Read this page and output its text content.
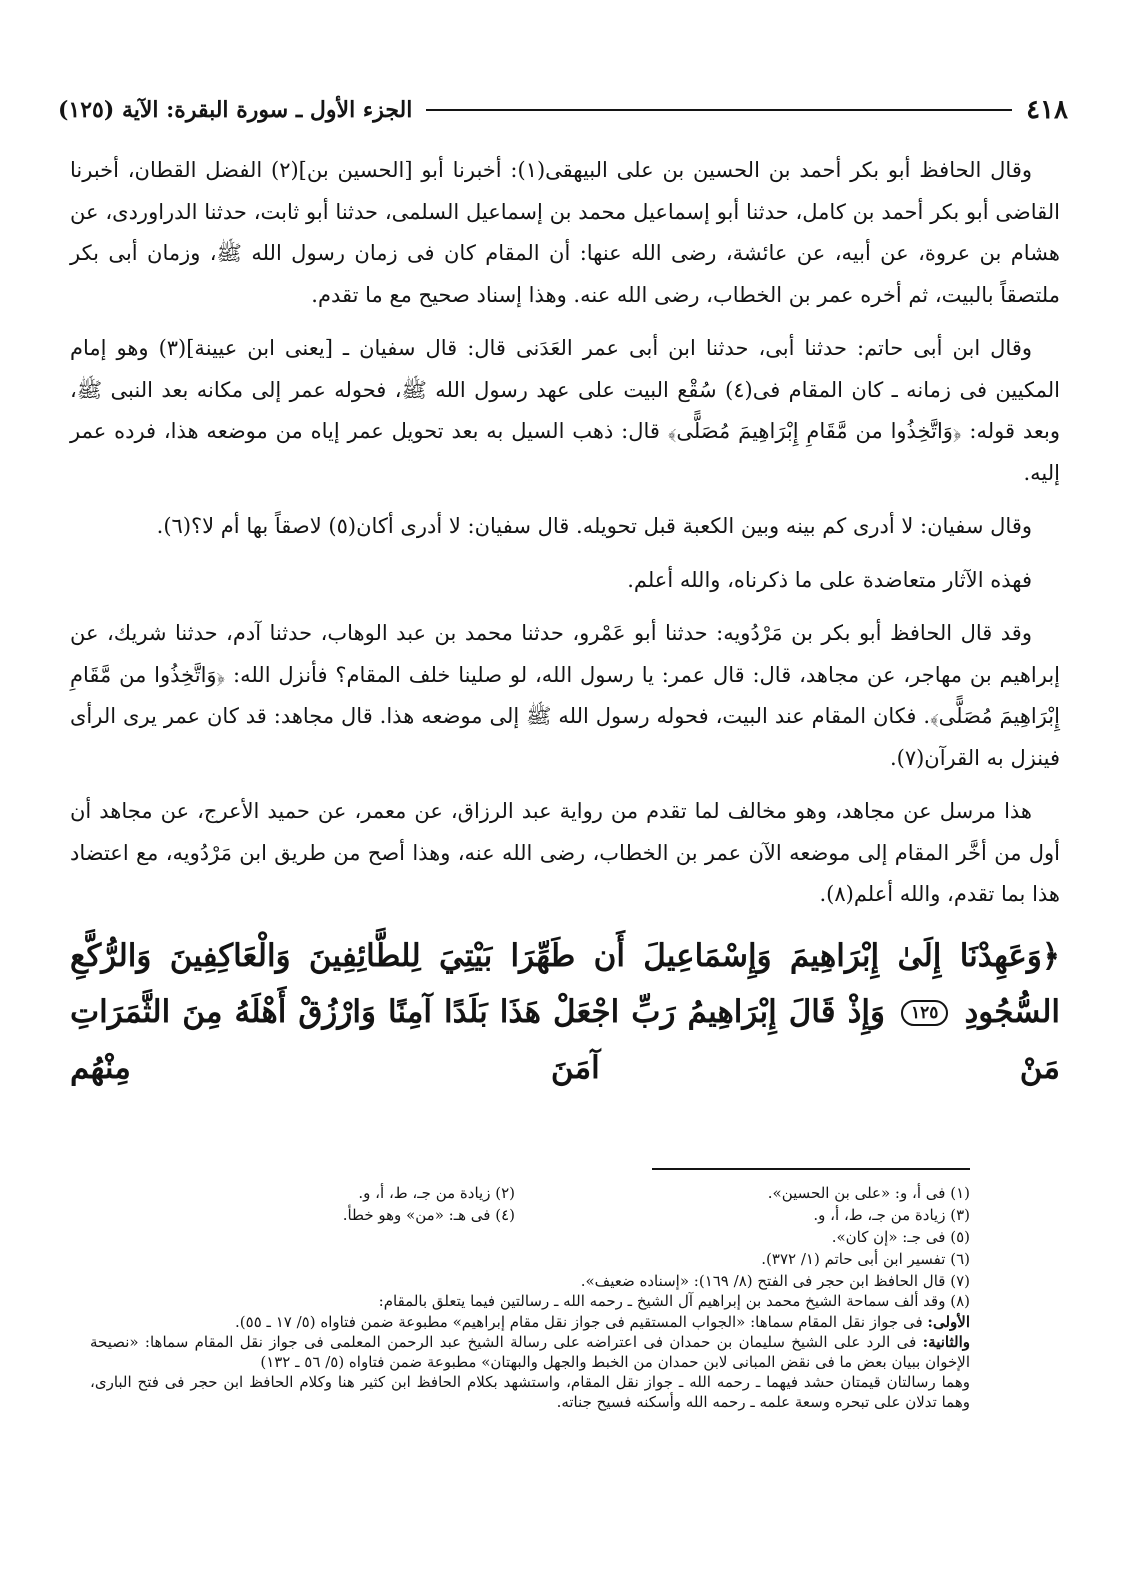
٤١٨
الجزء الأول ـ سورة البقرة: الآية (١٢٥)

وقال الحافظ أبو بكر أحمد بن الحسين بن على البيهقى(١): أخبرنا أبو [الحسين بن](٢) الفضل القطان، أخبرنا القاضى أبو بكر أحمد بن كامل، حدثنا أبو إسماعيل محمد بن إسماعيل السلمى، حدثنا أبو ثابت، حدثنا الدراوردى، عن هشام بن عروة، عن أبيه، عن عائشة، رضى الله عنها: أن المقام كان فى زمان رسول الله ﷺ، وزمان أبى بكر ملتصقاً بالبيت، ثم أخره عمر بن الخطاب، رضى الله عنه. وهذا إسناد صحيح مع ما تقدم.

وقال ابن أبى حاتم: حدثنا أبى، حدثنا ابن أبى عمر العَدَنى قال: قال سفيان ـ [يعنى ابن عيينة](٣) وهو إمام المكيين فى زمانه ـ كان المقام فى(٤) سُقْع البيت على عهد رسول الله ﷺ، فحوله عمر إلى مكانه بعد النبى ﷺ، وبعد قوله: ﴿وَاتَّخِذُوا من مَّقَامِ إِبْرَاهِيمَ مُصَلًّى﴾ قال: ذهب السيل به بعد تحويل عمر إياه من موضعه هذا، فرده عمر إليه.

وقال سفيان: لا أدرى كم بينه وبين الكعبة قبل تحويله. قال سفيان: لا أدرى أكان(٥) لاصقاً بها أم لا؟(٦).

فهذه الآثار متعاضدة على ما ذكرناه، والله أعلم.

وقد قال الحافظ أبو بكر بن مَرْدُويه: حدثنا أبو عَمْرو، حدثنا محمد بن عبد الوهاب، حدثنا آدم، حدثنا شريك، عن إبراهيم بن مهاجر، عن مجاهد، قال: قال عمر: يا رسول الله، لو صلينا خلف المقام؟ فأنزل الله: ﴿وَاتَّخِذُوا من مَّقَامِ إِبْرَاهِيمَ مُصَلًّى﴾. فكان المقام عند البيت، فحوله رسول الله ﷺ إلى موضعه هذا. قال مجاهد: قد كان عمر يرى الرأى فينزل به القرآن(٧).

هذا مرسل عن مجاهد، وهو مخالف لما تقدم من رواية عبد الرزاق، عن معمر، عن حميد الأعرج، عن مجاهد أن أول من أخَّر المقام إلى موضعه الآن عمر بن الخطاب، رضى الله عنه، وهذا أصح من طريق ابن مَرْدُويه، مع اعتضاد هذا بما تقدم، والله أعلم(٨).

﴿وَعَهِدْنَا إِلَىٰ إِبْرَاهِيمَ وَإِسْمَاعِيلَ أَن طَهِّرَا بَيْتِيَ لِلطَّائِفِينَ وَالْعَاكِفِينَ وَالرُّكَّعِ السُّجُودِ ١٢٥ وَإِذْ قَالَ إِبْرَاهِيمُ رَبِّ اجْعَلْ هَذَا بَلَدًا آمِنًا وَارْزُقْ أَهْلَهُ مِنَ الثَّمَرَاتِ مَنْ آمَنَ مِنْهُم

(١) فى أ، و: «على بن الحسين».
(٢) زيادة من جـ، ط، أ، و.
(٣) زيادة من جـ، ط، أ، و.
(٤) فى هـ: «من» وهو خطأ.
(٥) فى جـ: «إن كان».
(٦) تفسير ابن أبى حاتم (١/ ٣٧٢).
(٧) قال الحافظ ابن حجر فى الفتح (٨/ ١٦٩): «إسناده ضعيف».
(٨) وقد ألف سماحة الشيخ محمد بن إبراهيم آل الشيخ ـ رحمه الله ـ رسالتين فيما يتعلق بالمقام:
الأولى: فى جواز نقل المقام سماها: «الجواب المستقيم فى جواز نقل مقام إبراهيم» مطبوعة ضمن فتاواه (٥/ ١٧ ـ ٥٥).
والثانية: فى الرد على الشيخ سليمان بن حمدان فى اعتراضه على رسالة الشيخ عبد الرحمن المعلمى فى جواز نقل المقام سماها: «نصيحة الإخوان ببيان بعض ما فى نقض المبانى لابن حمدان من الخبط والجهل والبهتان» مطبوعة ضمن فتاواه (٥/ ٥٦ ـ ١٣٢)
وهما رسالتان قيمتان حشد فيهما ـ رحمه الله ـ جواز نقل المقام، واستشهد بكلام الحافظ ابن كثير هنا وكلام الحافظ ابن حجر فى فتح البارى، وهما تدلان على تبحره وسعة علمه ـ رحمه الله وأسكنه فسيح جناته.
